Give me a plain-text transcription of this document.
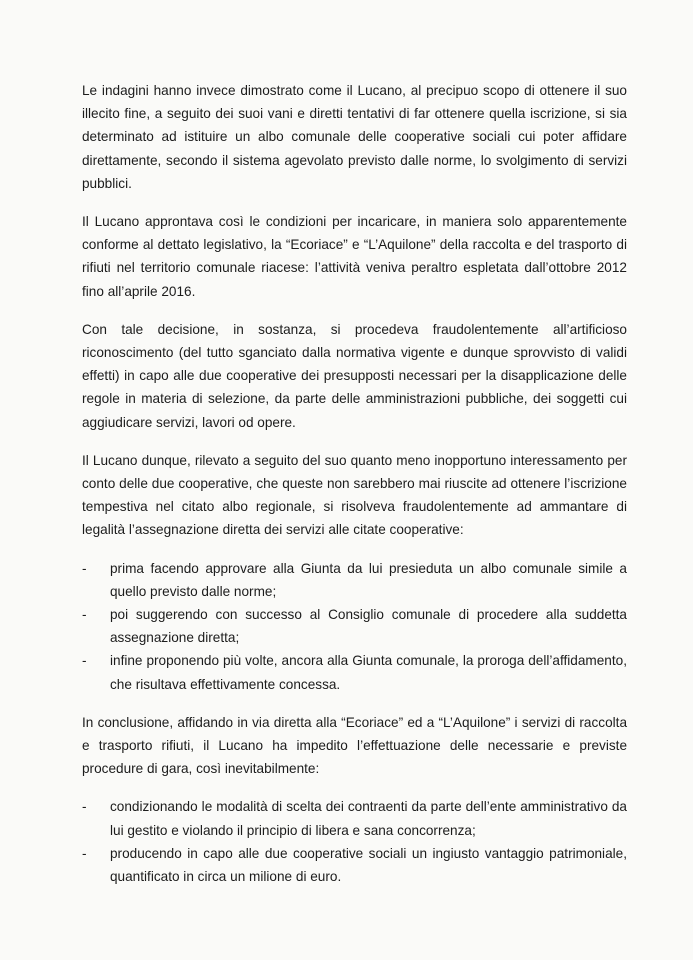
Le indagini hanno invece dimostrato come il Lucano, al precipuo scopo di ottenere il suo illecito fine, a seguito dei suoi vani e diretti tentativi di far ottenere quella iscrizione, si sia determinato ad istituire un albo comunale delle cooperative sociali cui poter affidare direttamente, secondo il sistema agevolato previsto dalle norme, lo svolgimento di servizi pubblici.

Il Lucano approntava così le condizioni per incaricare, in maniera solo apparentemente conforme al dettato legislativo, la “Ecoriace” e “L’Aquilone” della raccolta e del trasporto di rifiuti nel territorio comunale riacese: l’attività veniva peraltro espletata dall’ottobre 2012 fino all’aprile 2016.

Con tale decisione, in sostanza, si procedeva fraudolentemente all’artificioso riconoscimento (del tutto sganciato dalla normativa vigente e dunque sprovvisto di validi effetti) in capo alle due cooperative dei presupposti necessari per la disapplicazione delle regole in materia di selezione, da parte delle amministrazioni pubbliche, dei soggetti cui aggiudicare servizi, lavori od opere.

Il Lucano dunque, rilevato a seguito del suo quanto meno inopportuno interessamento per conto delle due cooperative, che queste non sarebbero mai riuscite ad ottenere l’iscrizione tempestiva nel citato albo regionale, si risolveva fraudolentemente ad ammantare di legalità l’assegnazione diretta dei servizi alle citate cooperative:

- prima facendo approvare alla Giunta da lui presieduta un albo comunale simile a quello previsto dalle norme;
- poi suggerendo con successo al Consiglio comunale di procedere alla suddetta assegnazione diretta;
- infine proponendo più volte, ancora alla Giunta comunale, la proroga dell’affidamento, che risultava effettivamente concessa.

In conclusione, affidando in via diretta alla “Ecoriace” ed a “L’Aquilone” i servizi di raccolta e trasporto rifiuti, il Lucano ha impedito l’effettuazione delle necessarie e previste procedure di gara, così inevitabilmente:

- condizionando le modalità di scelta dei contraenti da parte dell’ente amministrativo da lui gestito e violando il principio di libera e sana concorrenza;
- producendo in capo alle due cooperative sociali un ingiusto vantaggio patrimoniale, quantificato in circa un milione di euro.
